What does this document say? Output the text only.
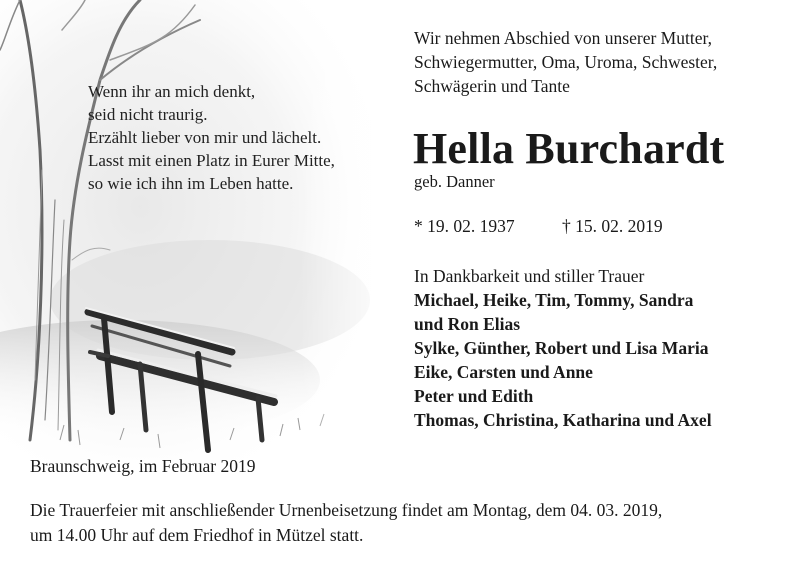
Wenn ihr an mich denkt,
seid nicht traurig.
Erzählt lieber von mir und lächelt.
Lasst mit einen Platz in Eurer Mitte,
so wie ich ihn im Leben hatte.
Wir nehmen Abschied von unserer Mutter,
Schwiegermutter, Oma, Uroma, Schwester,
Schwägerin und Tante
Hella Burchardt
geb. Danner
* 19. 02. 1937	† 15. 02. 2019
In Dankbarkeit und stiller Trauer
Michael, Heike, Tim, Tommy, Sandra
und Ron Elias
Sylke, Günther, Robert und Lisa Maria
Eike, Carsten und Anne
Peter und Edith
Thomas, Christina, Katharina und Axel
Braunschweig, im Februar 2019
Die Trauerfeier mit anschließender Urnenbeisetzung findet am Montag, dem 04. 03. 2019,
um 14.00 Uhr auf dem Friedhof in Mützel statt.
